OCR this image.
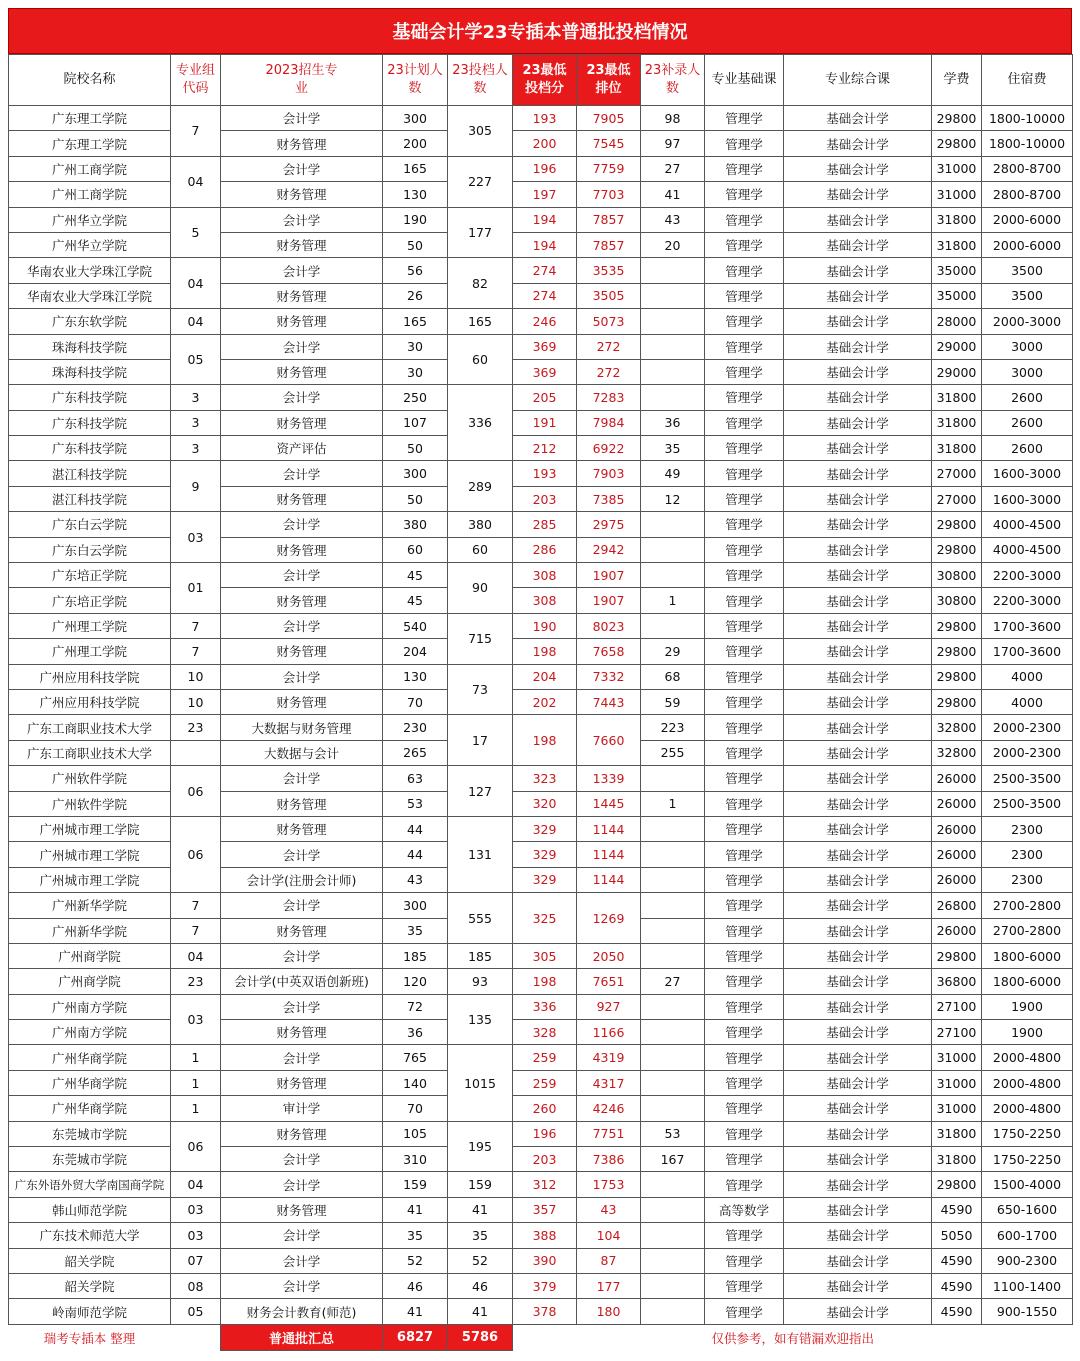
基础会计学23专插本普通批投档情况
院校名称	专业组代码	2023招生专业	23计划人数	23投档人数	23最低投档分	23最低排位	23补录人数	专业基础课	专业综合课	学费	住宿费
广东理工学院	7	会计学	300	305	193	7905	98	管理学	基础会计学	29800	1800-10000
广东理工学院		财务管理	200		200	7545	97	管理学	基础会计学	29800	1800-10000
广州工商学院	04	会计学	165	227	196	7759	27	管理学	基础会计学	31000	2800-8700
广州工商学院		财务管理	130		197	7703	41	管理学	基础会计学	31000	2800-8700
广州华立学院	5	会计学	190	177	194	7857	43	管理学	基础会计学	31800	2000-6000
广州华立学院		财务管理	50		194	7857	20	管理学	基础会计学	31800	2000-6000
华南农业大学珠江学院	04	会计学	56	82	274	3535		管理学	基础会计学	35000	3500
华南农业大学珠江学院		财务管理	26		274	3505		管理学	基础会计学	35000	3500
广东东软学院	04	财务管理	165	165	246	5073		管理学	基础会计学	28000	2000-3000
珠海科技学院	05	会计学	30	60	369	272		管理学	基础会计学	29000	3000
珠海科技学院		财务管理	30		369	272		管理学	基础会计学	29000	3000
广东科技学院	3	会计学	250	336	205	7283		管理学	基础会计学	31800	2600
广东科技学院	3	财务管理	107		191	7984	36	管理学	基础会计学	31800	2600
广东科技学院	3	资产评估	50		212	6922	35	管理学	基础会计学	31800	2600
湛江科技学院	9	会计学	300	289	193	7903	49	管理学	基础会计学	27000	1600-3000
湛江科技学院		财务管理	50		203	7385	12	管理学	基础会计学	27000	1600-3000
广东白云学院	03	会计学	380	380	285	2975		管理学	基础会计学	29800	4000-4500
广东白云学院		财务管理	60	60	286	2942		管理学	基础会计学	29800	4000-4500
广东培正学院	01	会计学	45	90	308	1907		管理学	基础会计学	30800	2200-3000
广东培正学院		财务管理	45		308	1907	1	管理学	基础会计学	30800	2200-3000
广州理工学院	7	会计学	540	715	190	8023		管理学	基础会计学	29800	1700-3600
广州理工学院	7	财务管理	204		198	7658	29	管理学	基础会计学	29800	1700-3600
广州应用科技学院	10	会计学	130	73	204	7332	68	管理学	基础会计学	29800	4000
广州应用科技学院	10	财务管理	70		202	7443	59	管理学	基础会计学	29800	4000
广东工商职业技术大学	23	大数据与财务管理	230	17	198	7660	223	管理学	基础会计学	32800	2000-2300
广东工商职业技术大学		大数据与会计	265				255	管理学	基础会计学	32800	2000-2300
广州软件学院	06	会计学	63	127	323	1339		管理学	基础会计学	26000	2500-3500
广州软件学院		财务管理	53		320	1445	1	管理学	基础会计学	26000	2500-3500
广州城市理工学院	06	财务管理	44	131	329	1144		管理学	基础会计学	26000	2300
广州城市理工学院		会计学	44		329	1144		管理学	基础会计学	26000	2300
广州城市理工学院		会计学(注册会计师)	43		329	1144		管理学	基础会计学	26000	2300
广州新华学院	7	会计学	300	555	325	1269		管理学	基础会计学	26800	2700-2800
广州新华学院	7	财务管理	35					管理学	基础会计学	26000	2700-2800
广州商学院	04	会计学	185	185	305	2050		管理学	基础会计学	29800	1800-6000
广州商学院	23	会计学(中英双语创新班)	120	93	198	7651	27	管理学	基础会计学	36800	1800-6000
广州南方学院	03	会计学	72	135	336	927		管理学	基础会计学	27100	1900
广州南方学院		财务管理	36		328	1166		管理学	基础会计学	27100	1900
广州华商学院	1	会计学	765	1015	259	4319		管理学	基础会计学	31000	2000-4800
广州华商学院	1	财务管理	140		259	4317		管理学	基础会计学	31000	2000-4800
广州华商学院	1	审计学	70		260	4246		管理学	基础会计学	31000	2000-4800
东莞城市学院	06	财务管理	105	195	196	7751	53	管理学	基础会计学	31800	1750-2250
东莞城市学院		会计学	310		203	7386	167	管理学	基础会计学	31800	1750-2250
广东外语外贸大学南国商学院	04	会计学	159	159	312	1753		管理学	基础会计学	29800	1500-4000
韩山师范学院	03	财务管理	41	41	357	43		高等数学	基础会计学	4590	650-1600
广东技术师范大学	03	会计学	35	35	388	104		管理学	基础会计学	5050	600-1700
韶关学院	07	会计学	52	52	390	87		管理学	基础会计学	4590	900-2300
韶关学院	08	会计学	46	46	379	177		管理学	基础会计学	4590	1100-1400
岭南师范学院	05	财务会计教育(师范)	41	41	378	180		管理学	基础会计学	4590	900-1550
瑞考专插本 整理		普通批汇总	6827	5786	仅供参考，如有错漏欢迎指出						
